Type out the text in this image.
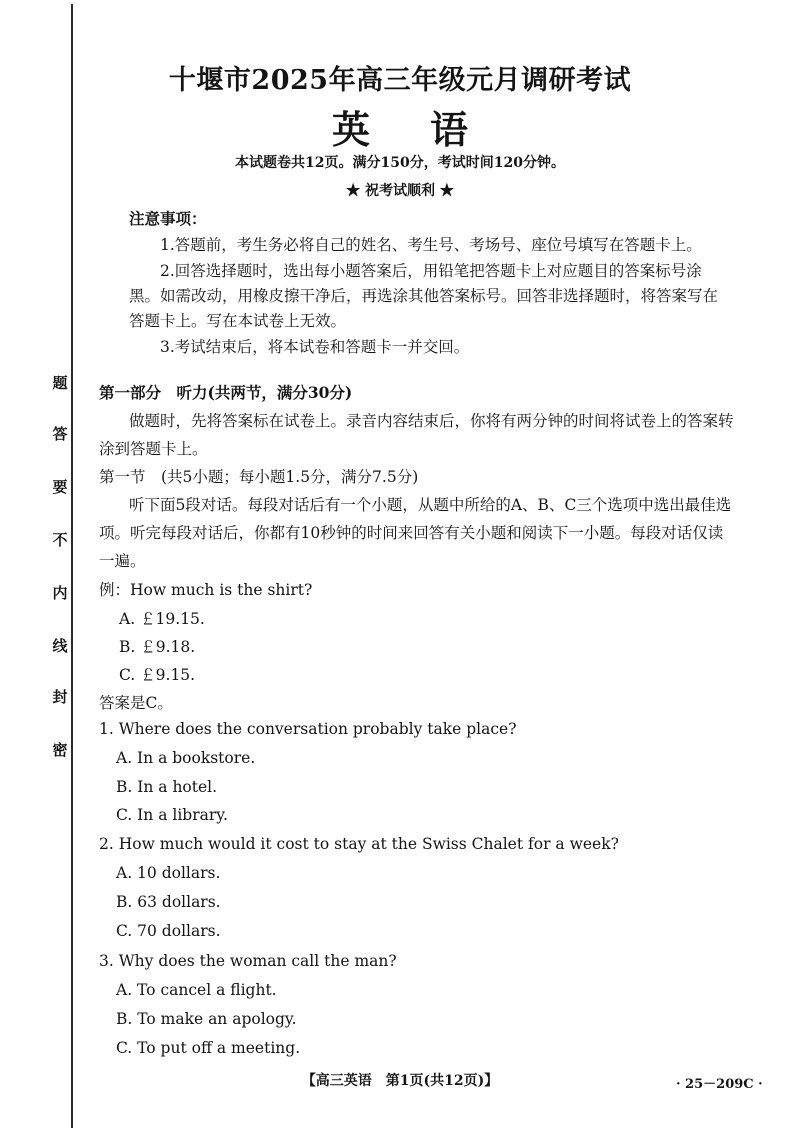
题
答
要
不
内
线
封
密
十堰市2025年高三年级元月调研考试
英语
本试题卷共12页。满分150分，考试时间120分钟。
★ 祝考试顺利 ★
注意事项：
1.答题前，考生务必将自己的姓名、考生号、考场号、座位号填写在答题卡上。
2.回答选择题时，选出每小题答案后，用铅笔把答题卡上对应题目的答案标号涂
黑。如需改动，用橡皮擦干净后，再选涂其他答案标号。回答非选择题时，将答案写在
答题卡上。写在本试卷上无效。
3.考试结束后，将本试卷和答题卡一并交回。
第一部分　听力(共两节，满分30分)
做题时，先将答案标在试卷上。录音内容结束后，你将有两分钟的时间将试卷上的答案转
涂到答题卡上。
第一节　(共5小题；每小题1.5分，满分7.5分)
听下面5段对话。每段对话后有一个小题，从题中所给的A、B、C三个选项中选出最佳选
项。听完每段对话后，你都有10秒钟的时间来回答有关小题和阅读下一小题。每段对话仅读
一遍。
例：How much is the shirt?
A. ￡19.15.
B. ￡9.18.
C. ￡9.15.
答案是C。
1. Where does the conversation probably take place?
A. In a bookstore.
B. In a hotel.
C. In a library.
2. How much would it cost to stay at the Swiss Chalet for a week?
A. 10 dollars.
B. 63 dollars.
C. 70 dollars.
3. Why does the woman call the man?
A. To cancel a flight.
B. To make an apology.
C. To put off a meeting.
【高三英语　第1页(共12页)】	· 25－209C ·
